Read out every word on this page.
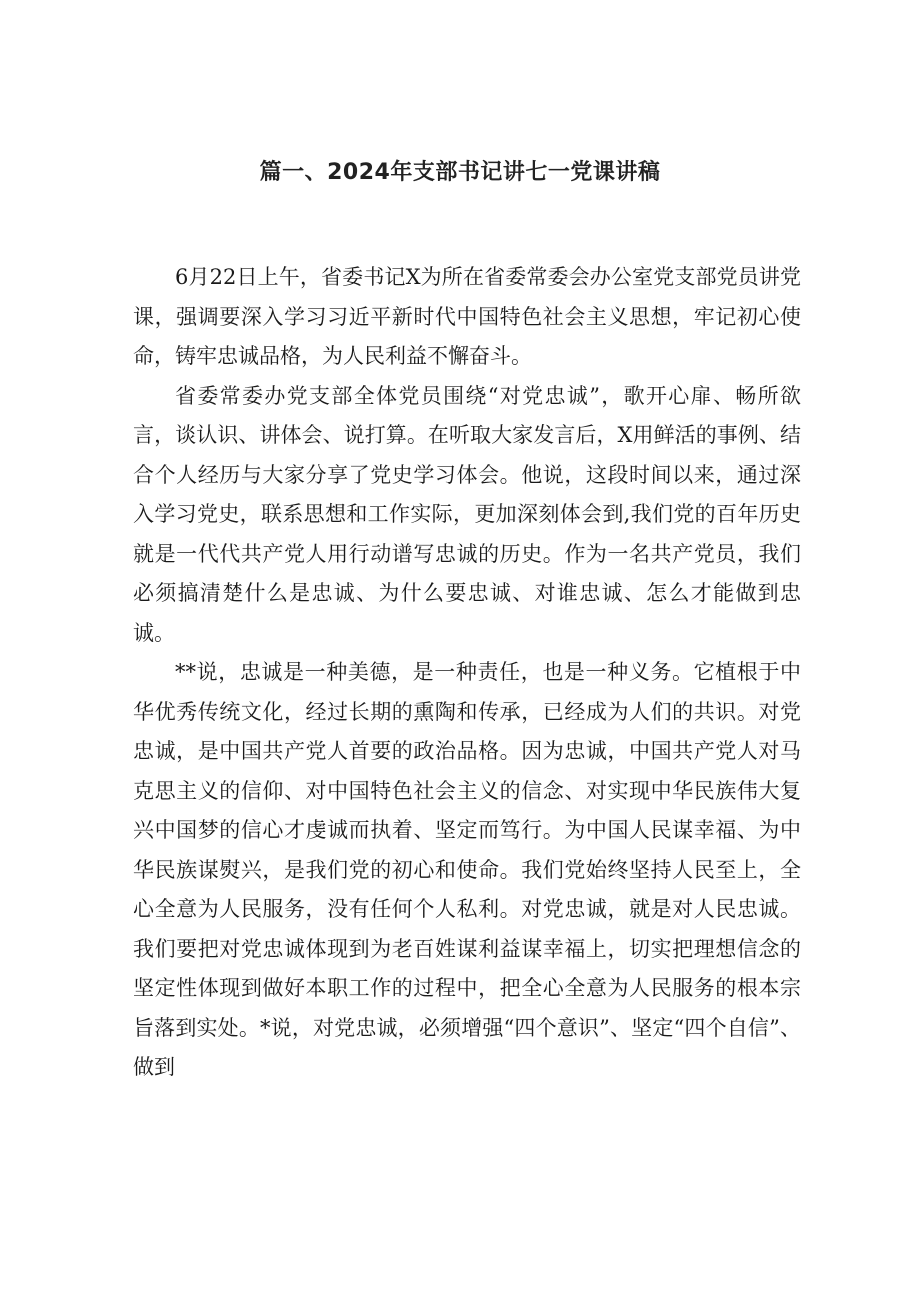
篇一、2024年支部书记讲七一党课讲稿

6月22日上午，省委书记X为所在省委常委会办公室党支部党员讲党课，强调要深入学习习近平新时代中国特色社会主义思想，牢记初心使命，铸牢忠诚品格，为人民利益不懈奋斗。

省委常委办党支部全体党员围绕“对党忠诚”，歌开心扉、畅所欲言，谈认识、讲体会、说打算。在听取大家发言后，X用鲜活的事例、结合个人经历与大家分享了党史学习体会。他说，这段时间以来，通过深入学习党史，联系思想和工作实际，更加深刻体会到,我们党的百年历史就是一代代共产党人用行动谱写忠诚的历史。作为一名共产党员，我们必须搞清楚什么是忠诚、为什么要忠诚、对谁忠诚、怎么才能做到忠诚。

**说，忠诚是一种美德，是一种责任，也是一种义务。它植根于中华优秀传统文化，经过长期的熏陶和传承，已经成为人们的共识。对党忠诚，是中国共产党人首要的政治品格。因为忠诚，中国共产党人对马克思主义的信仰、对中国特色社会主义的信念、对实现中华民族伟大复兴中国梦的信心才虔诚而执着、坚定而笃行。为中国人民谋幸福、为中华民族谋熨兴，是我们党的初心和使命。我们党始终坚持人民至上，全心全意为人民服务，没有任何个人私利。对党忠诚，就是对人民忠诚。我们要把对党忠诚体现到为老百姓谋利益谋幸福上，切实把理想信念的坚定性体现到做好本职工作的过程中，把全心全意为人民服务的根本宗旨落到实处。*说，对党忠诚，必须增强“四个意识”、坚定“四个自信”、做到
